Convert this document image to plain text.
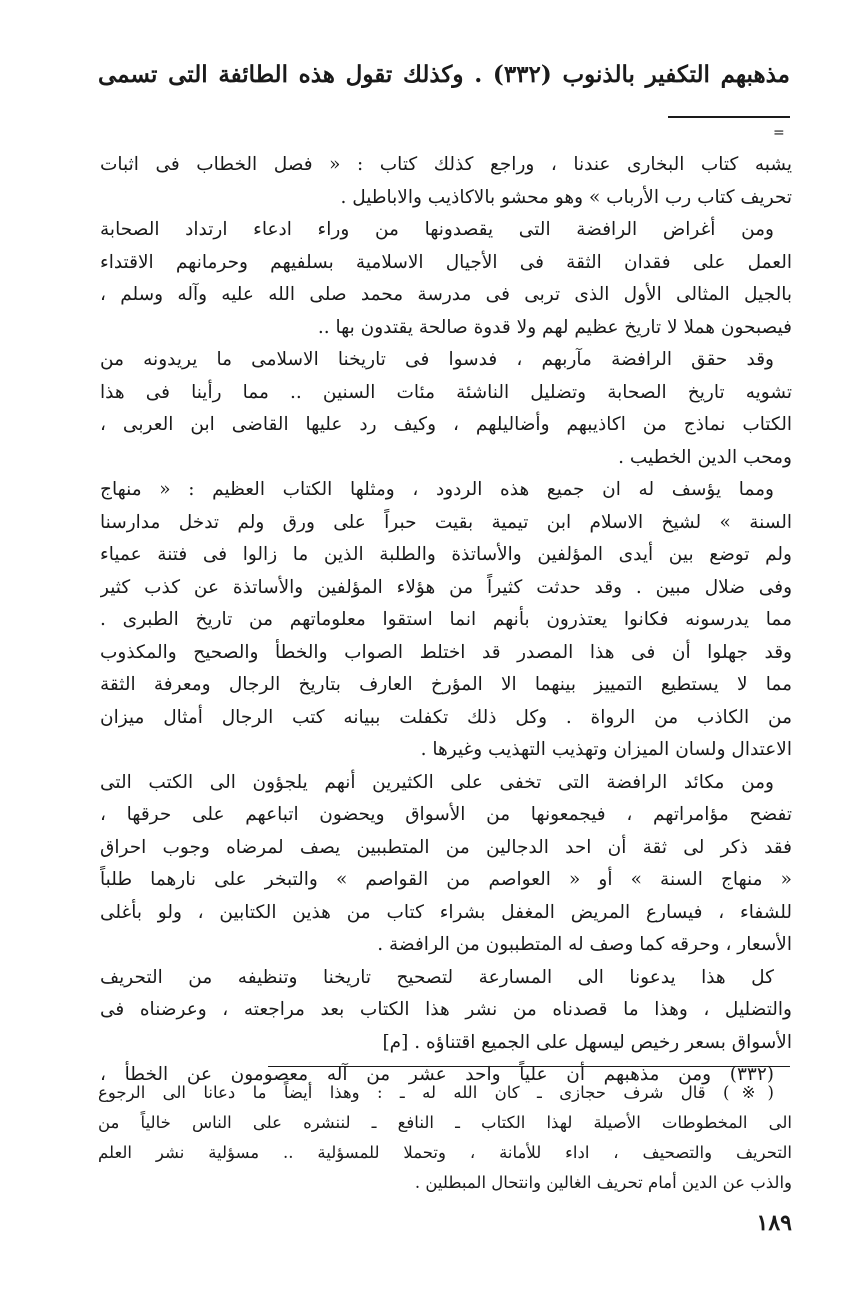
مذهبهم التكفير بالذنوب (٣٣٢) . وكذلك تقول هذه الطائفة التى تسمى
=
يشبه كتاب البخارى عندنا ، وراجع كذلك كتاب : « فصل الخطاب فى اثبات
تحريف كتاب رب الأرباب » وهو محشو بالاكاذيب والاباطيل .
ومن أغراض الرافضة التى يقصدونها من وراء ادعاء ارتداد الصحابة
العمل على فقدان الثقة فى الأجيال الاسلامية بسلفيهم وحرمانهم الاقتداء
بالجيل المثالى الأول الذى تربى فى مدرسة محمد صلى الله عليه وآله وسلم ،
فيصبحون هملا لا تاريخ عظيم لهم ولا قدوة صالحة يقتدون بها ..
وقد حقق الرافضة مآربهم ، فدسوا فى تاريخنا الاسلامى ما يريدونه من
تشويه تاريخ الصحابة وتضليل الناشئة مئات السنين .. مما رأينا فى هذا
الكتاب نماذج من اكاذيبهم وأضاليلهم ، وكيف رد عليها القاضى ابن العربى ،
ومحب الدين الخطيب .
ومما يؤسف له ان جميع هذه الردود ، ومثلها الكتاب العظيم : « منهاج
السنة » لشيخ الاسلام ابن تيمية بقيت حبراً على ورق ولم تدخل مدارسنا
ولم توضع بين أيدى المؤلفين والأساتذة والطلبة الذين ما زالوا فى فتنة عمياء
وفى ضلال مبين . وقد حدثت كثيراً من هؤلاء المؤلفين والأساتذة عن كذب كثير
مما يدرسونه فكانوا يعتذرون بأنهم انما استقوا معلوماتهم من تاريخ الطبرى .
وقد جهلوا أن فى هذا المصدر قد اختلط الصواب والخطأ والصحيح والمكذوب
مما لا يستطيع التمييز بينهما الا المؤرخ العارف بتاريخ الرجال ومعرفة الثقة
من الكاذب من الرواة . وكل ذلك تكفلت ببيانه كتب الرجال أمثال ميزان
الاعتدال ولسان الميزان وتهذيب التهذيب وغيرها .
ومن مكائد الرافضة التى تخفى على الكثيرين أنهم يلجؤون الى الكتب التى
تفضح مؤامراتهم ، فيجمعونها من الأسواق ويحضون اتباعهم على حرقها ،
فقد ذكر لى ثقة أن احد الدجالين من المتطببين يصف لمرضاه وجوب احراق
« منهاج السنة » أو « العواصم من القواصم » والتبخر على نارهما طلباً
للشفاء ، فيسارع المريض المغفل بشراء كتاب من هذين الكتابين ، ولو بأغلى
الأسعار ، وحرقه كما وصف له المتطببون من الرافضة .
كل هذا يدعونا الى المسارعة لتصحيح تاريخنا وتنظيفه من التحريف
والتضليل ، وهذا ما قصدناه من نشر هذا الكتاب بعد مراجعته ، وعرضناه فى
الأسواق بسعر رخيص ليسهل على الجميع اقتناؤه . [م]
(٣٣٢) ومن مذهبهم أن علياً واحد عشر من آله معصومون عن الخطأ ،
(※) قال شرف حجازى ـ كان الله له ـ : وهذا أيضاً ما دعانا الى الرجوع
الى المخطوطات الأصيلة لهذا الكتاب ـ النافع ـ لننشره على الناس خالياً من
التحريف والتصحيف ، اداء للأمانة ، وتحملا للمسؤلية .. مسؤلية نشر العلم
والذب عن الدين أمام تحريف الغالين وانتحال المبطلين .
١٨٩
